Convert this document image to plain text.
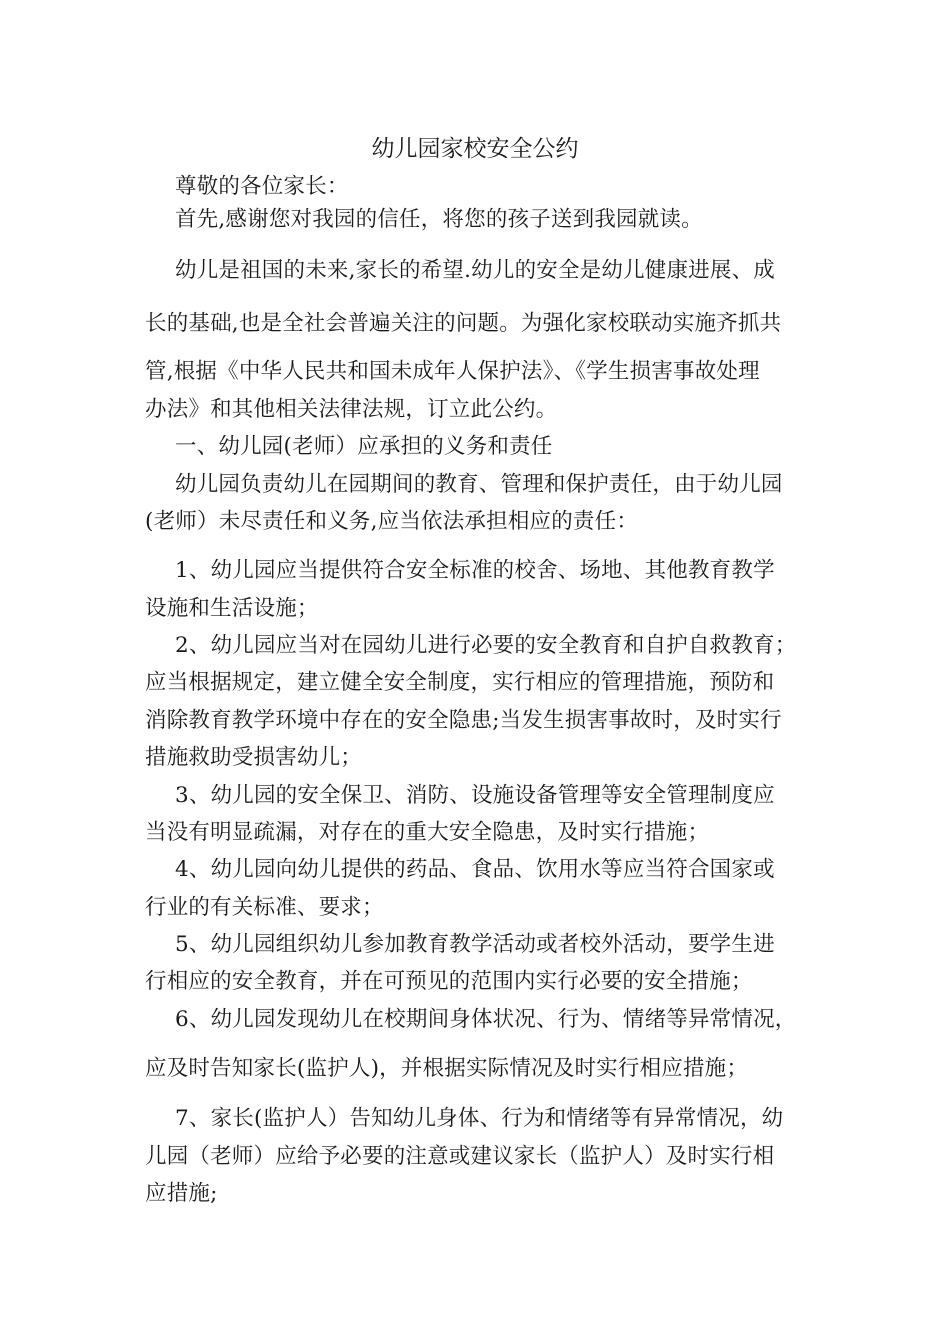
幼儿园家校安全公约
尊敬的各位家长：
首先,感谢您对我园的信任，将您的孩子送到我园就读。
幼儿是祖国的未来,家长的希望.幼儿的安全是幼儿健康进展、成
长的基础,也是全社会普遍关注的问题。为强化家校联动实施齐抓共
管,根据《中华人民共和国未成年人保护法》、《学生损害事故处理
办法》和其他相关法律法规，订立此公约。
一、幼儿园(老师）应承担的义务和责任
幼儿园负责幼儿在园期间的教育、管理和保护责任，由于幼儿园
(老师）未尽责任和义务,应当依法承担相应的责任：
1、幼儿园应当提供符合安全标准的校舍、场地、其他教育教学
设施和生活设施；
2、幼儿园应当对在园幼儿进行必要的安全教育和自护自救教育；
应当根据规定，建立健全安全制度，实行相应的管理措施，预防和
消除教育教学环境中存在的安全隐患;当发生损害事故时，及时实行
措施救助受损害幼儿；
3、幼儿园的安全保卫、消防、设施设备管理等安全管理制度应
当没有明显疏漏，对存在的重大安全隐患，及时实行措施；
4、幼儿园向幼儿提供的药品、食品、饮用水等应当符合国家或
行业的有关标准、要求；
5、幼儿园组织幼儿参加教育教学活动或者校外活动，要学生进
行相应的安全教育，并在可预见的范围内实行必要的安全措施；
6、幼儿园发现幼儿在校期间身体状况、行为、情绪等异常情况，
应及时告知家长(监护人)，并根据实际情况及时实行相应措施；
7、家长(监护人）告知幼儿身体、行为和情绪等有异常情况，幼
儿园（老师）应给予必要的注意或建议家长（监护人）及时实行相
应措施;
